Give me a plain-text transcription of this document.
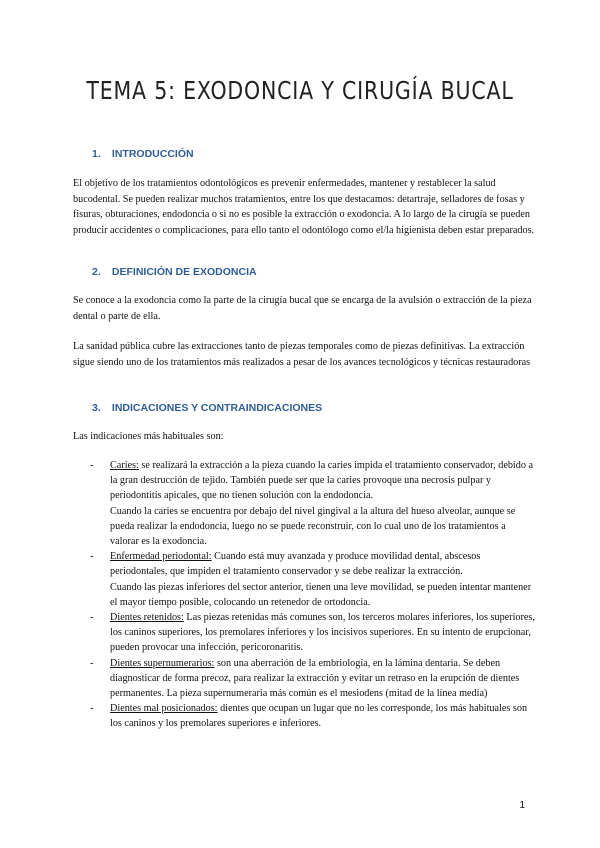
TEMA 5: EXODONCIA Y CIRUGÍA BUCAL
1. INTRODUCCIÓN

El objetivo de los tratamientos odontológicos es prevenir enfermedades, mantener y restablecer la salud bucodental. Se pueden realizar muchos tratamientos, entre los que destacamos: detartraje, selladores de fosas y fisuras, obturaciones, endodoncia o si no es posible la extracción o exodoncia. A lo largo de la cirugía se pueden producir accidentes o complicaciones, para ello tanto el odontólogo como el/la higienista deben estar preparados.

2. DEFINICIÓN DE EXODONCIA

Se conoce a la exodoncia como la parte de la cirugía bucal que se encarga de la avulsión o extracción de la pieza dental o parte de ella.

La sanidad pública cubre las extracciones tanto de piezas temporales como de piezas definitivas. La extracción sigue siendo uno de los tratamientos más realizados a pesar de los avances tecnológicos y técnicas restauradoras

3. INDICACIONES Y CONTRAINDICACIONES

Las indicaciones más habituales son:

- Caries: se realizará la extracción a la pieza cuando la caries impida el tratamiento conservador, debido a la gran destrucción de tejido. También puede ser que la caries provoque una necrosis pulpar y periodontitis apicales, que no tienen solución con la endodoncia.
Cuando la caries se encuentra por debajo del nivel gingival a la altura del hueso alveolar, aunque se pueda realizar la endodoncia, luego no se puede reconstruir, con lo cual uno de los tratamientos a valorar es la exodoncia.
- Enfermedad periodontal: Cuando está muy avanzada y produce movilidad dental, abscesos periodontales, que impiden el tratamiento conservador y se debe realizar la extracción.
Cuando las piezas inferiores del sector anterior, tienen una leve movilidad, se pueden intentar mantener el mayor tiempo posible, colocando un retenedor de ortodoncia.
- Dientes retenidos: Las piezas retenidas más comunes son, los terceros molares inferiores, los superiores, los caninos superiores, los premolares inferiores y los incisivos superiores. En su intento de erupcionar, pueden provocar una infección, pericoronaritis.
- Dientes supernumerarios: son una aberración de la embriología, en la lámina dentaria. Se deben diagnosticar de forma precoz, para realizar la extracción y evitar un retraso en la erupción de dientes permanentes. La pieza supernumeraria más común es el mesiodens (mitad de la línea media)
- Dientes mal posicionados: dientes que ocupan un lugar que no les corresponde, los más habituales son los caninos y los premolares superiores e inferiores.
1
